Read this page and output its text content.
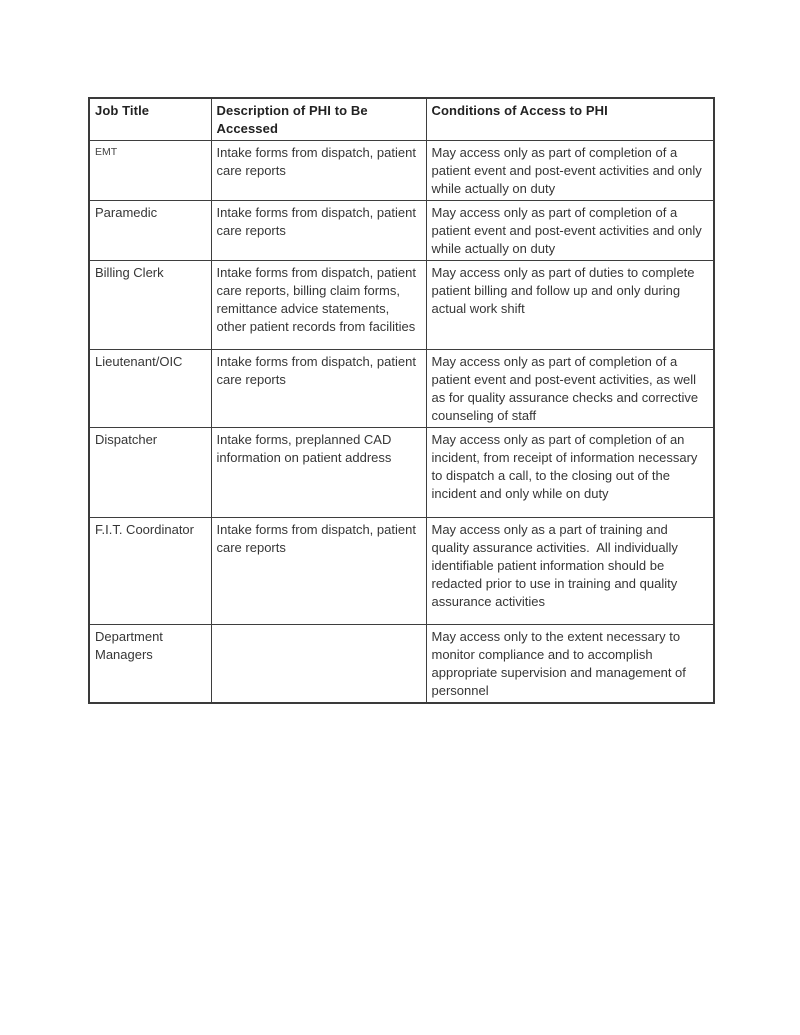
Job Title	Description of PHI to Be Accessed	Conditions of Access to PHI
EMT	Intake forms from dispatch, patient care reports	May access only as part of completion of a patient event and post-event activities and only while actually on duty
Paramedic	Intake forms from dispatch, patient care reports	May access only as part of completion of a patient event and post-event activities and only while actually on duty
Billing Clerk	Intake forms from dispatch, patient care reports, billing claim forms, remittance advice statements, other patient records from facilities	May access only as part of duties to complete patient billing and follow up and only during actual work shift
Lieutenant/OIC	Intake forms from dispatch, patient care reports	May access only as part of completion of a patient event and post-event activities, as well as for quality assurance checks and corrective counseling of staff
Dispatcher	Intake forms, preplanned CAD information on patient address	May access only as part of completion of an incident, from receipt of information necessary to dispatch a call, to the closing out of the incident and only while on duty
F.I.T. Coordinator	Intake forms from dispatch, patient care reports	May access only as a part of training and quality assurance activities.  All individually identifiable patient information should be redacted prior to use in training and quality assurance activities
Department Managers		May access only to the extent necessary to monitor compliance and to accomplish appropriate supervision and management of personnel
